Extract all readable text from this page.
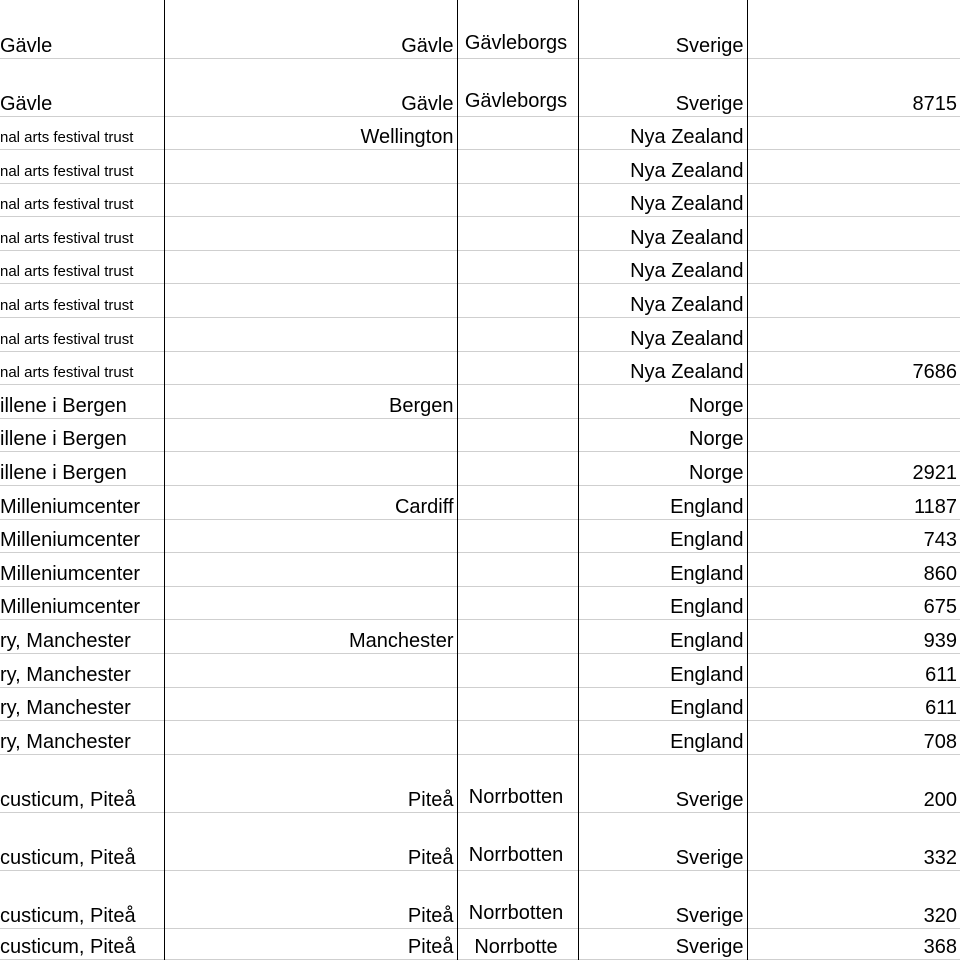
Gävle	Gävle	Gävleborgs	Sverige	
Gävle	Gävle	Gävleborgs	Sverige	8715
nal arts festival trust	Wellington		Nya Zealand	
nal arts festival trust			Nya Zealand	
nal arts festival trust			Nya Zealand	
nal arts festival trust			Nya Zealand	
nal arts festival trust			Nya Zealand	
nal arts festival trust			Nya Zealand	
nal arts festival trust			Nya Zealand	
nal arts festival trust			Nya Zealand	7686
illene i Bergen	Bergen		Norge	
illene i Bergen			Norge	
illene i Bergen			Norge	2921
Milleniumcenter	Cardiff		England	1187
Milleniumcenter			England	743
Milleniumcenter			England	860
Milleniumcenter			England	675
ry, Manchester	Manchester		England	939
ry, Manchester			England	611
ry, Manchester			England	611
ry, Manchester			England	708
custicum, Piteå	Piteå	Norrbotten	Sverige	200
custicum, Piteå	Piteå	Norrbotten	Sverige	332
custicum, Piteå	Piteå	Norrbotten	Sverige	320
custicum, Piteå	Piteå	Norrbotte	Sverige	368
